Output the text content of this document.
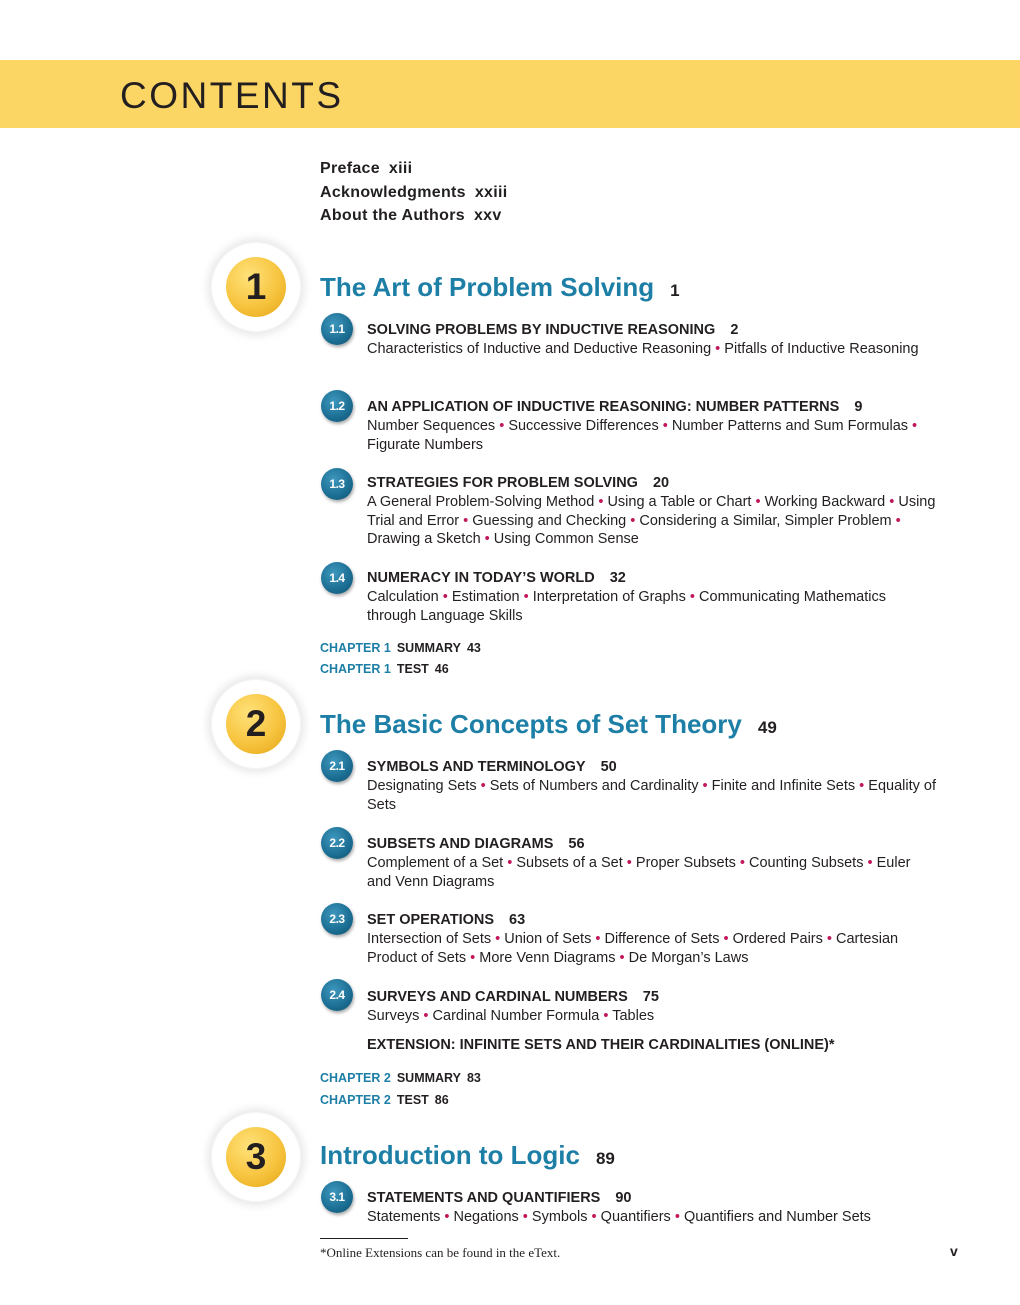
CONTENTS
Preface xiii
Acknowledgments xxiii
About the Authors xxv
1	The Art of Problem Solving 1
1.1	SOLVING PROBLEMS BY INDUCTIVE REASONING 2
Characteristics of Inductive and Deductive Reasoning • Pitfalls of Inductive Reasoning
1.2	AN APPLICATION OF INDUCTIVE REASONING: NUMBER PATTERNS 9
Number Sequences • Successive Differences • Number Patterns and Sum Formulas • Figurate Numbers
1.3	STRATEGIES FOR PROBLEM SOLVING 20
A General Problem-Solving Method • Using a Table or Chart • Working Backward • Using Trial and Error • Guessing and Checking • Considering a Similar, Simpler Problem • Drawing a Sketch • Using Common Sense
1.4	NUMERACY IN TODAY’S WORLD 32
Calculation • Estimation • Interpretation of Graphs • Communicating Mathematics through Language Skills
CHAPTER 1 SUMMARY 43
CHAPTER 1 TEST 46
2	The Basic Concepts of Set Theory 49
2.1	SYMBOLS AND TERMINOLOGY 50
Designating Sets • Sets of Numbers and Cardinality • Finite and Infinite Sets • Equality of Sets
2.2	SUBSETS AND DIAGRAMS 56
Complement of a Set • Subsets of a Set • Proper Subsets • Counting Subsets • Euler and Venn Diagrams
2.3	SET OPERATIONS 63
Intersection of Sets • Union of Sets • Difference of Sets • Ordered Pairs • Cartesian Product of Sets • More Venn Diagrams • De Morgan’s Laws
2.4	SURVEYS AND CARDINAL NUMBERS 75
Surveys • Cardinal Number Formula • Tables
EXTENSION: INFINITE SETS AND THEIR CARDINALITIES (ONLINE)*
CHAPTER 2 SUMMARY 83
CHAPTER 2 TEST 86
3	Introduction to Logic 89
3.1	STATEMENTS AND QUANTIFIERS 90
Statements • Negations • Symbols • Quantifiers • Quantifiers and Number Sets
*Online Extensions can be found in the eText.	v
